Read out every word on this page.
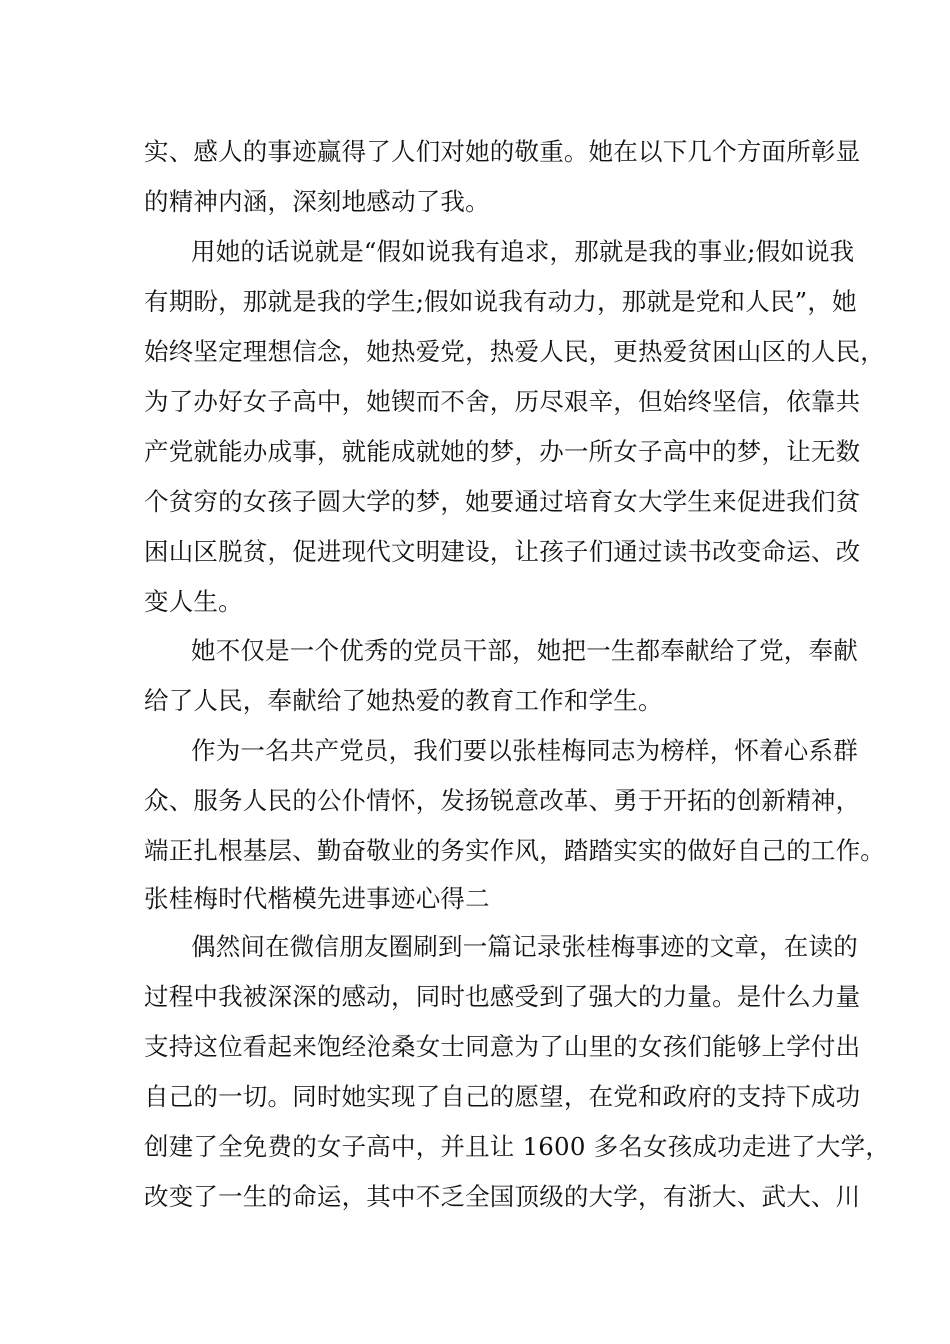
实、感人的事迹赢得了人们对她的敬重。她在以下几个方面所彰显
的精神内涵，深刻地感动了我。
用她的话说就是“假如说我有追求，那就是我的事业;假如说我
有期盼，那就是我的学生;假如说我有动力，那就是党和人民”，她
始终坚定理想信念，她热爱党，热爱人民，更热爱贫困山区的人民，
为了办好女子高中，她锲而不舍，历尽艰辛，但始终坚信，依靠共
产党就能办成事，就能成就她的梦，办一所女子高中的梦，让无数
个贫穷的女孩子圆大学的梦，她要通过培育女大学生来促进我们贫
困山区脱贫，促进现代文明建设，让孩子们通过读书改变命运、改
变人生。
她不仅是一个优秀的党员干部，她把一生都奉献给了党，奉献
给了人民，奉献给了她热爱的教育工作和学生。
作为一名共产党员，我们要以张桂梅同志为榜样，怀着心系群
众、服务人民的公仆情怀，发扬锐意改革、勇于开拓的创新精神，
端正扎根基层、勤奋敬业的务实作风，踏踏实实的做好自己的工作。
张桂梅时代楷模先进事迹心得二
偶然间在微信朋友圈刷到一篇记录张桂梅事迹的文章，在读的
过程中我被深深的感动，同时也感受到了强大的力量。是什么力量
支持这位看起来饱经沧桑女士同意为了山里的女孩们能够上学付出
自己的一切。同时她实现了自己的愿望，在党和政府的支持下成功
创建了全免费的女子高中，并且让 1600 多名女孩成功走进了大学，
改变了一生的命运，其中不乏全国顶级的大学，有浙大、武大、川
